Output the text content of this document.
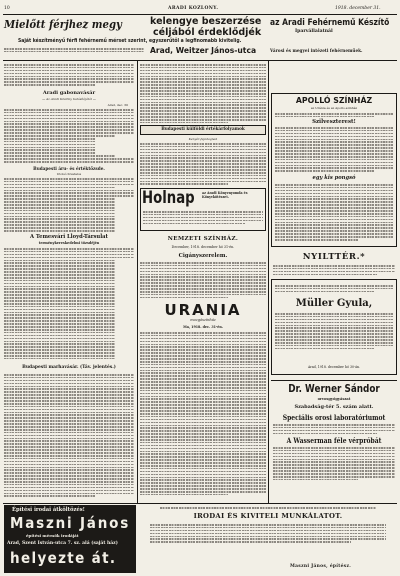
10	ARADI KOZLONY.	1918. december 31.
Mielőtt férjhez megy	kelengye beszerzése
céljából érdeklődjék
az Aradi Fehérnemű Készítő
Iparvállalatnál
Saját készítményű férfi fehérnemű mérset szerint, egyszerűtől a legfinomabb kivitelig.
Arad, Weitzer János-utca	Városi és megyei intézeti fehérneműek.
Aradi gabonavásár
— Az Aradi Közlöny tudósítójától —
Arad, dec. 30
Budapesti áru- és értéktőzsde.
Utolsó hivatalos
A Temesvári Lloyd-Társulat
terménykereskedelmi tőzsdéjén
Budapesti marhavásár. (Táv. jelentés.)
Budapesti külföldi értékárfolyamok
Kenyér-fejadagnak
Holnap az Aradi Könyvnyomda és Könyvkötészet.
NEMZETI SZÍNHÁZ.
December, 1918. december hó 31-én.
Cigányszerelem.
URANIA
mozgószínház
Ma, 1918. dec. 31-én.
APOLLÓ SZÍNHÁZ
az Uránia és az Apollo-szinház
Szilveszterest!
egy kis pongsó
NYILTTÉR.*
Müller Gyula,
Arad, 1918. december hó 30-án.
Dr. Werner Sándor
orvosgyógyászat
Szabadság-tér 5. szám alatt.
Speciális orosi laboratóriumot
A Wasserman féle vérpróbát
Építési irodai átköltözés!
Maszni János
építési mérnök irodáját
Arad, Szent István-utca 7. sz. alá (saját ház)
helyezte át.
IRODAI ÉS KIVITELI MUNKÁLATOT.
Maszni János, építész.
